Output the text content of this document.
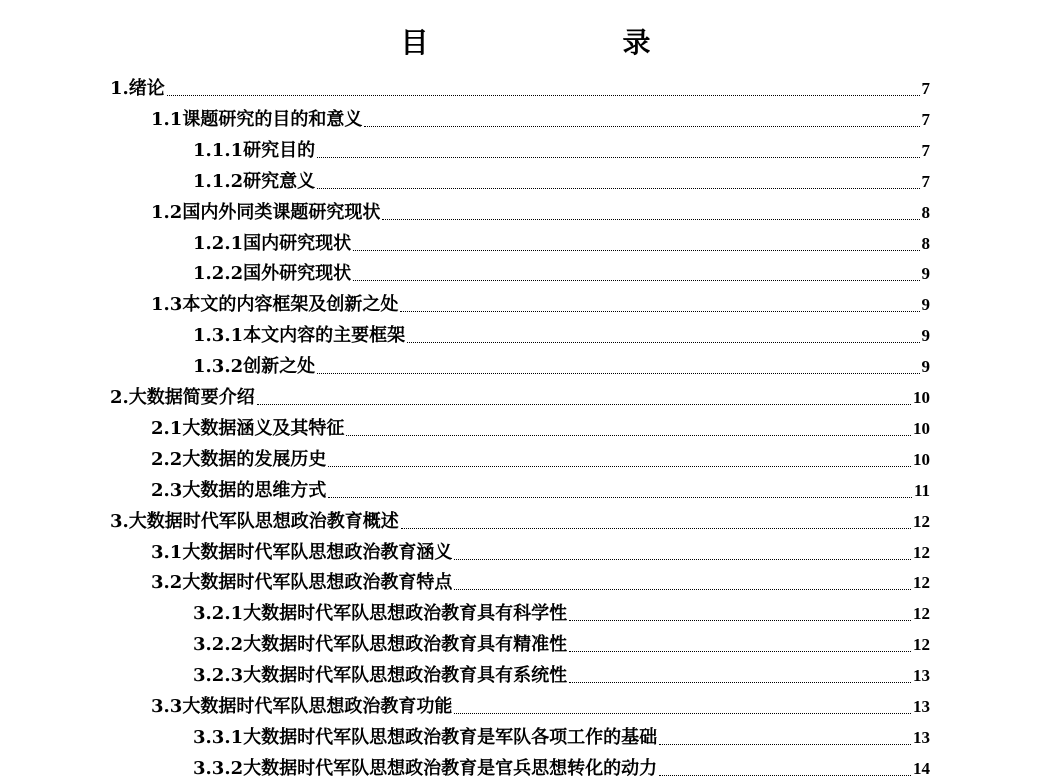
目　　录
1. 绪论	7
1.1 课题研究的目的和意义	7
1.1.1 研究目的	7
1.1.2 研究意义	7
1.2 国内外同类课题研究现状	8
1.2.1 国内研究现状	8
1.2.2 国外研究现状	9
1.3 本文的内容框架及创新之处	9
1.3.1 本文内容的主要框架	9
1.3.2 创新之处	9
2. 大数据简要介绍	10
2.1 大数据涵义及其特征	10
2.2 大数据的发展历史	10
2.3 大数据的思维方式	11
3. 大数据时代军队思想政治教育概述	12
3.1 大数据时代军队思想政治教育涵义	12
3.2 大数据时代军队思想政治教育特点	12
3.2.1 大数据时代军队思想政治教育具有科学性	12
3.2.2 大数据时代军队思想政治教育具有精准性	12
3.2.3 大数据时代军队思想政治教育具有系统性	13
3.3 大数据时代军队思想政治教育功能	13
3.3.1 大数据时代军队思想政治教育是军队各项工作的基础	13
3.3.2 大数据时代军队思想政治教育是官兵思想转化的动力	14
